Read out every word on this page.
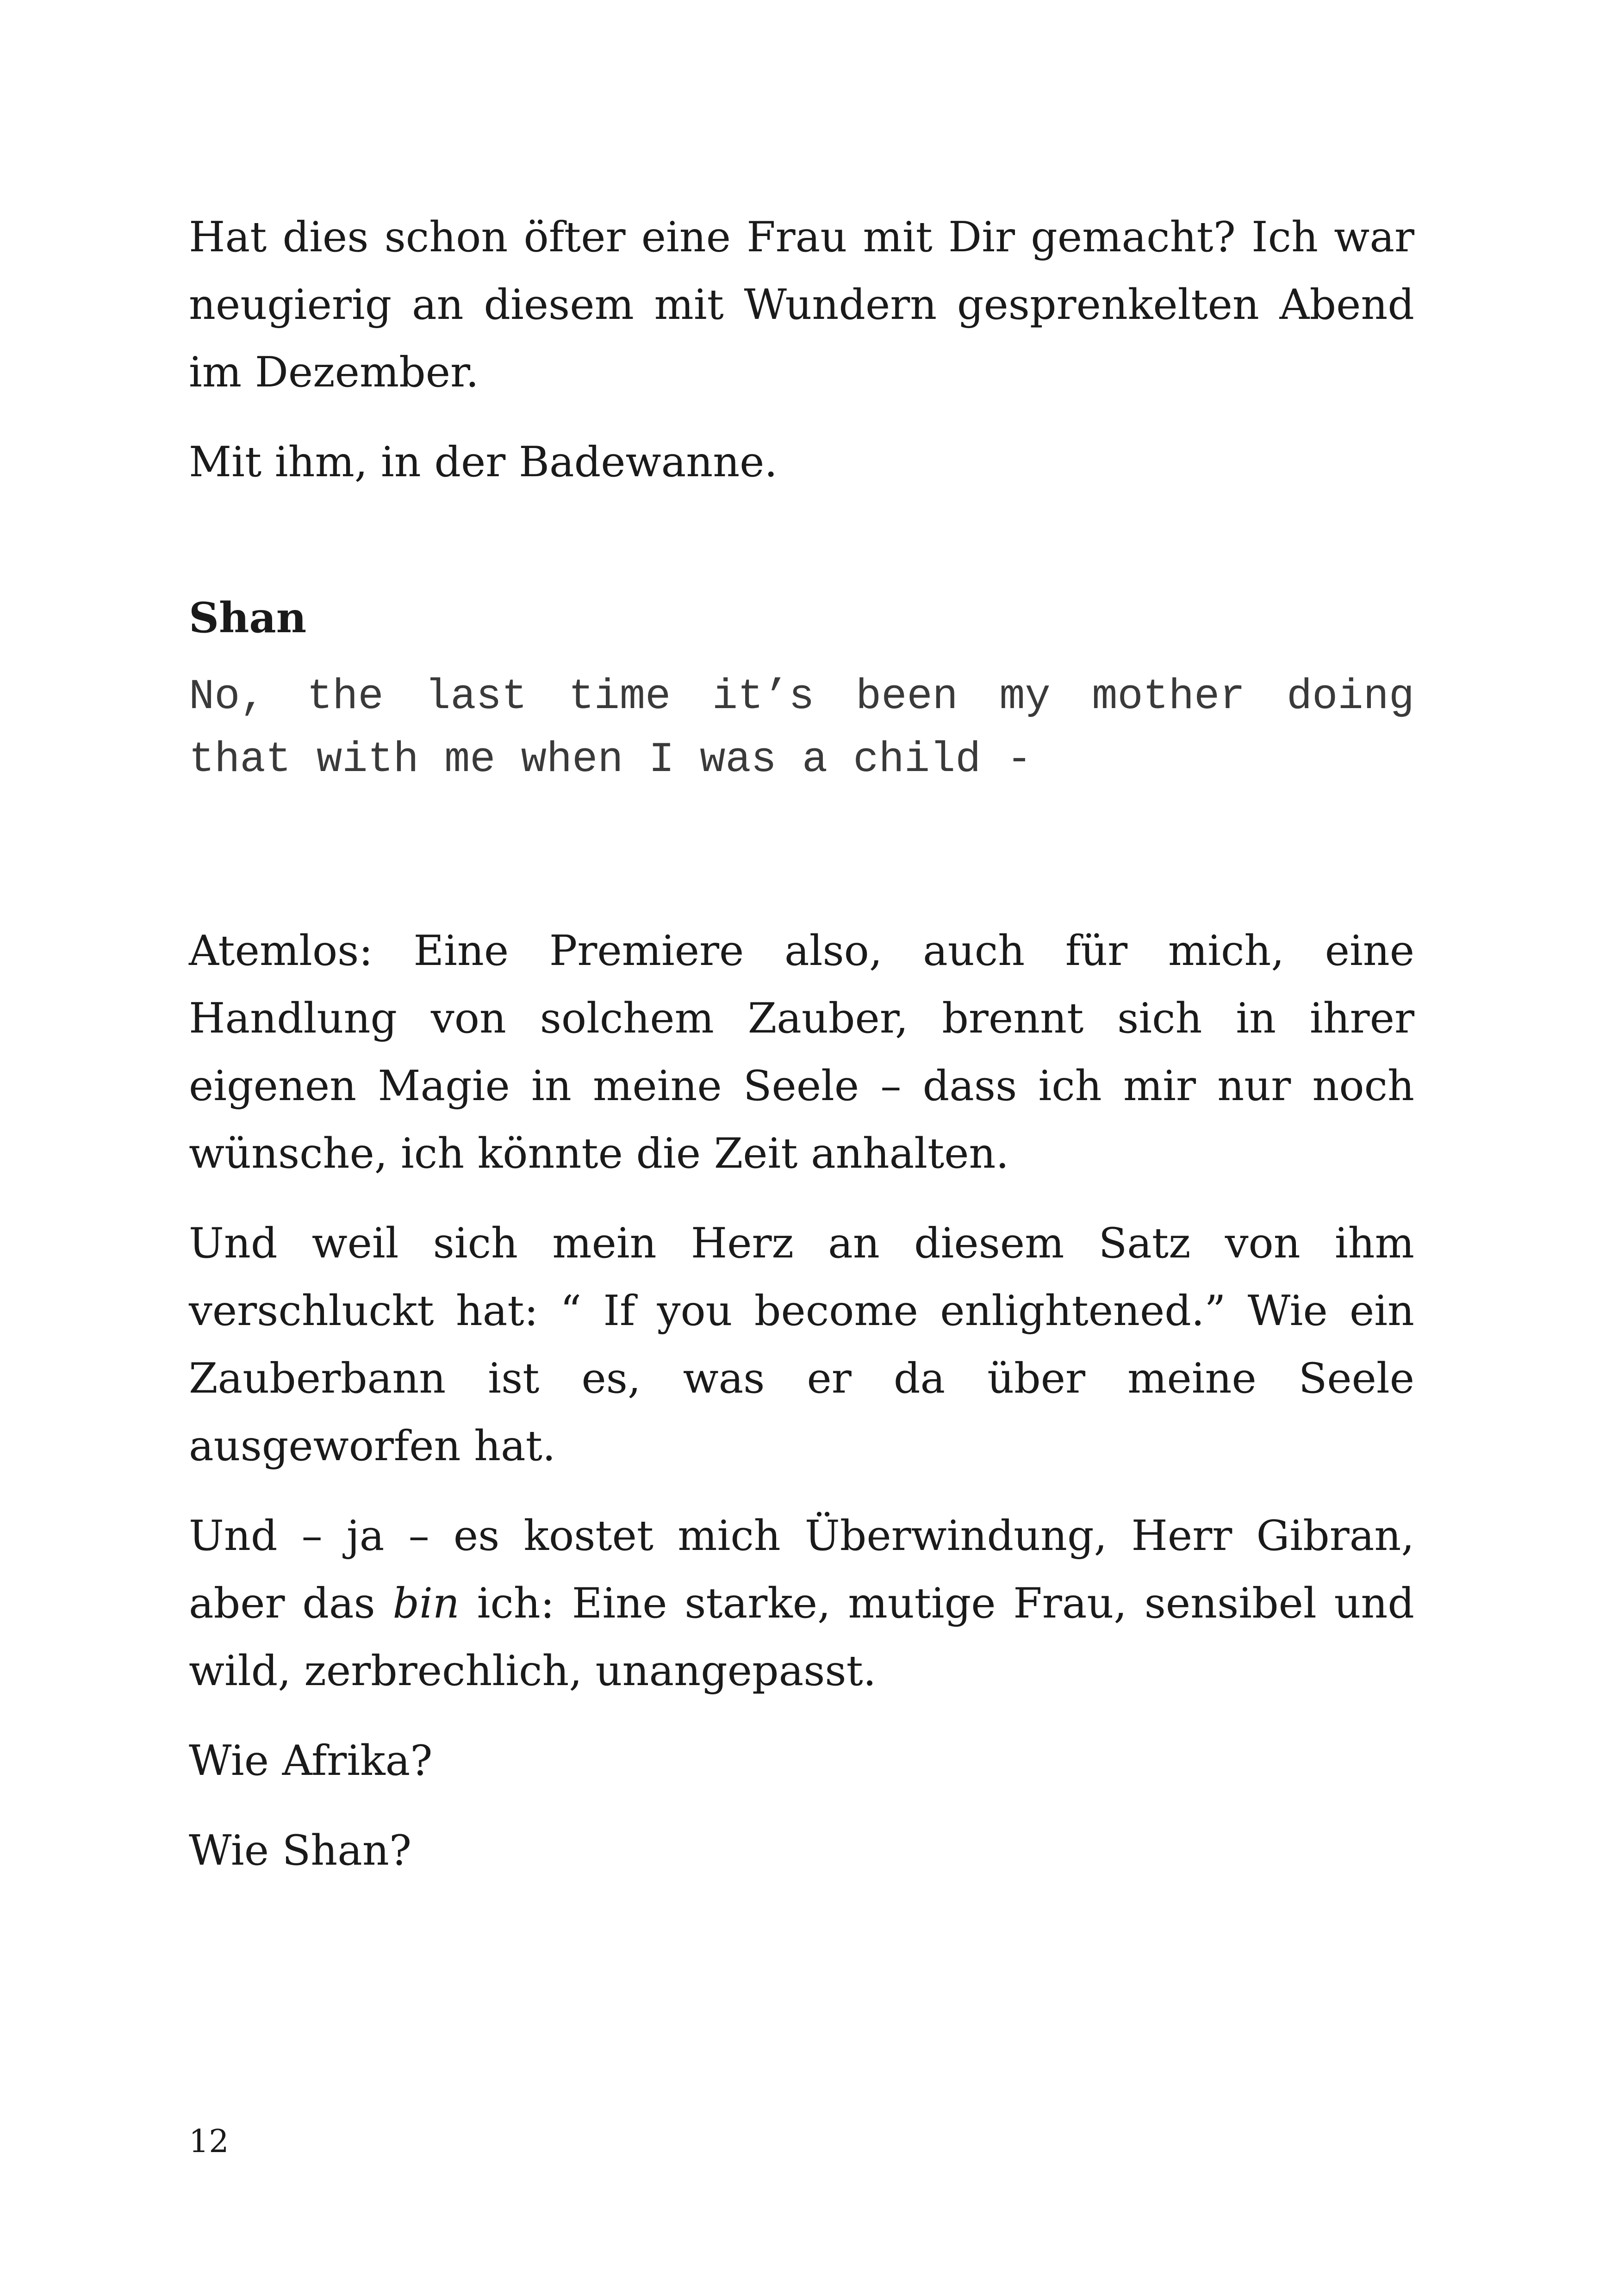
Hat dies schon öfter eine Frau mit Dir gemacht? Ich war neugierig an diesem mit Wundern gesprenkelten Abend im Dezember.

Mit ihm, in der Badewanne.

Shan

No, the last time it’s been my mother doing that with me when I was a child -

Atemlos: Eine Premiere also, auch für mich, eine Handlung von solchem Zauber, brennt sich in ihrer eigenen Magie in meine Seele – dass ich mir nur noch wünsche, ich könnte die Zeit anhalten.

Und weil sich mein Herz an diesem Satz von ihm verschluckt hat: “ If you become enlightened.” Wie ein Zauberbann ist es, was er da über meine Seele ausgeworfen hat.

Und – ja – es kostet mich Überwindung, Herr Gibran, aber das bin ich: Eine starke, mutige Frau, sensibel und wild, zerbrechlich, unangepasst.

Wie Afrika?

Wie Shan?

12
